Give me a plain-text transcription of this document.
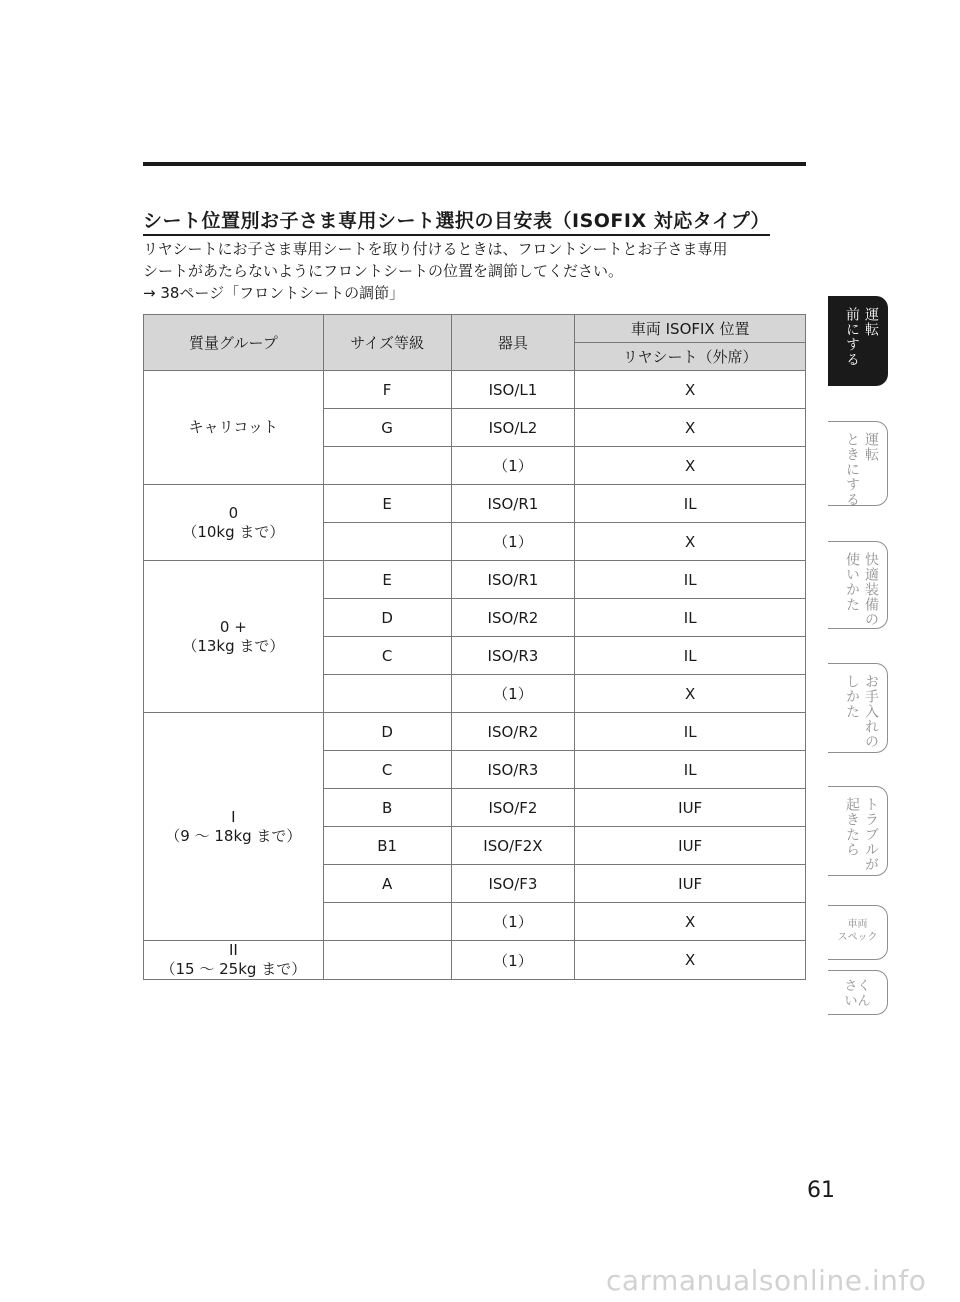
シート位置別お子さま専用シート選択の目安表（ISOFIX 対応タイプ）

リヤシートにお子さま専用シートを取り付けるときは、フロントシートとお子さま専用

シートがあたらないようにフロントシートの位置を調節してください。

→ 38ページ「フロントシートの調節」

質量グループ	サイズ等級	器具	車両 ISOFIX 位置
			リヤシート（外席）

キャリコット	F	ISO/L1	X
	G	ISO/L2	X
		（1）	X

0
（10kg まで）	E	ISO/R1	IL
		（1）	X

0 +
（13kg まで）	E	ISO/R1	IL
	D	ISO/R2	IL
	C	ISO/R3	IL
		（1）	X

I
（9 〜 18kg まで）	D	ISO/R2	IL
	C	ISO/R3	IL
	B	ISO/F2	IUF
	B1	ISO/F2X	IUF
	A	ISO/F3	IUF
		（1）	X

II
（15 〜 25kg まで）		（1）	X
運転
前にする
運転
ときにする
快適装備の
使いかた
お手入れの
しかた
トラブルが
起きたら
車両
スペック
さく
いん
61
carmanualsonline.info
